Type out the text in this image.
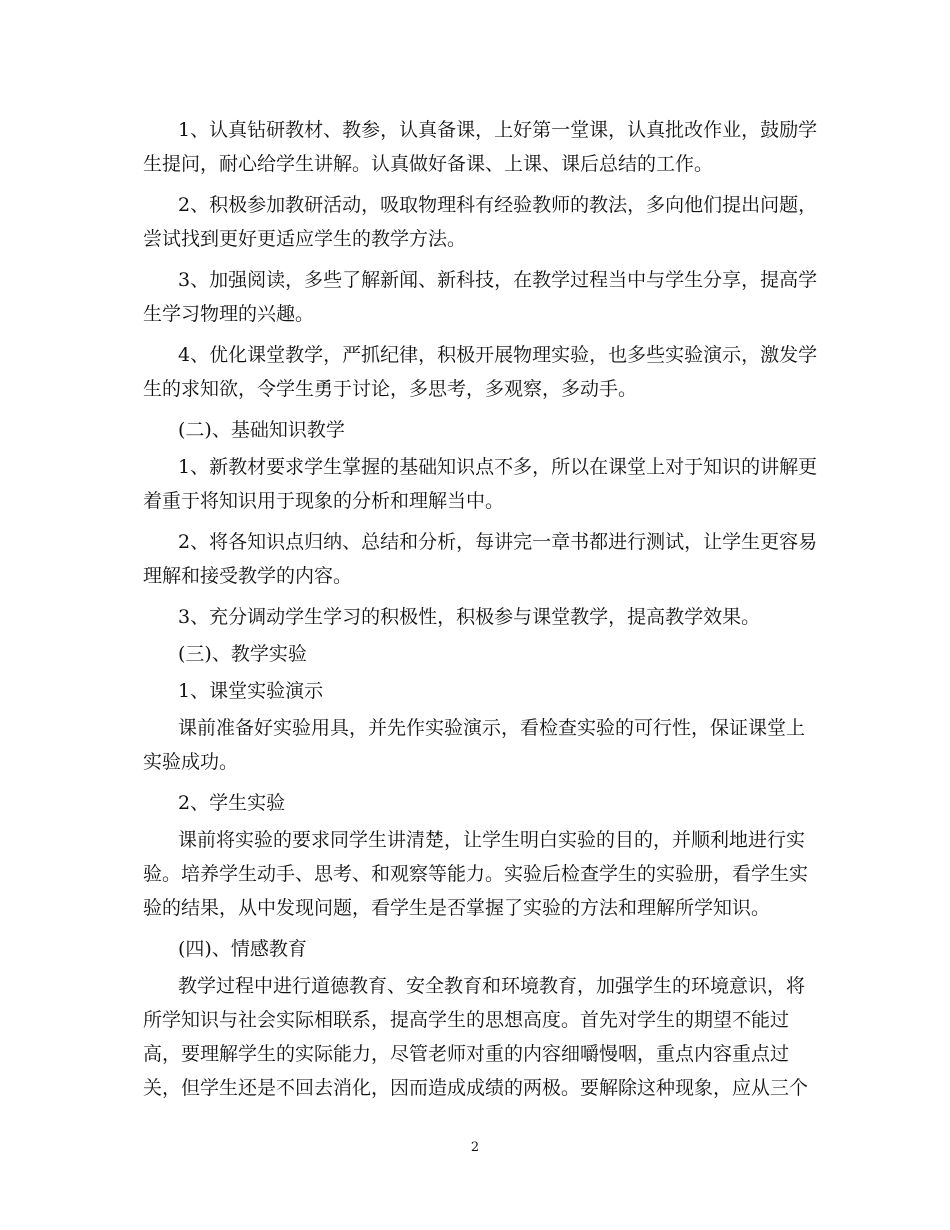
1、认真钻研教材、教参，认真备课，上好第一堂课，认真批改作业，鼓励学
生提问，耐心给学生讲解。认真做好备课、上课、课后总结的工作。
2、积极参加教研活动，吸取物理科有经验教师的教法，多向他们提出问题，
尝试找到更好更适应学生的教学方法。
3、加强阅读，多些了解新闻、新科技，在教学过程当中与学生分享，提高学
生学习物理的兴趣。
4、优化课堂教学，严抓纪律，积极开展物理实验，也多些实验演示，激发学
生的求知欲，令学生勇于讨论，多思考，多观察，多动手。
(二)、基础知识教学
1、新教材要求学生掌握的基础知识点不多，所以在课堂上对于知识的讲解更
着重于将知识用于现象的分析和理解当中。
2、将各知识点归纳、总结和分析，每讲完一章书都进行测试，让学生更容易
理解和接受教学的内容。
3、充分调动学生学习的积极性，积极参与课堂教学，提高教学效果。
(三)、教学实验
1、课堂实验演示
课前准备好实验用具，并先作实验演示，看检查实验的可行性，保证课堂上
实验成功。
2、学生实验
课前将实验的要求同学生讲清楚，让学生明白实验的目的，并顺利地进行实
验。培养学生动手、思考、和观察等能力。实验后检查学生的实验册，看学生实
验的结果，从中发现问题，看学生是否掌握了实验的方法和理解所学知识。
(四)、情感教育
教学过程中进行道德教育、安全教育和环境教育，加强学生的环境意识，将
所学知识与社会实际相联系，提高学生的思想高度。首先对学生的期望不能过
高，要理解学生的实际能力，尽管老师对重的内容细嚼慢咽，重点内容重点过
关，但学生还是不回去消化，因而造成成绩的两极。要解除这种现象，应从三个
2
